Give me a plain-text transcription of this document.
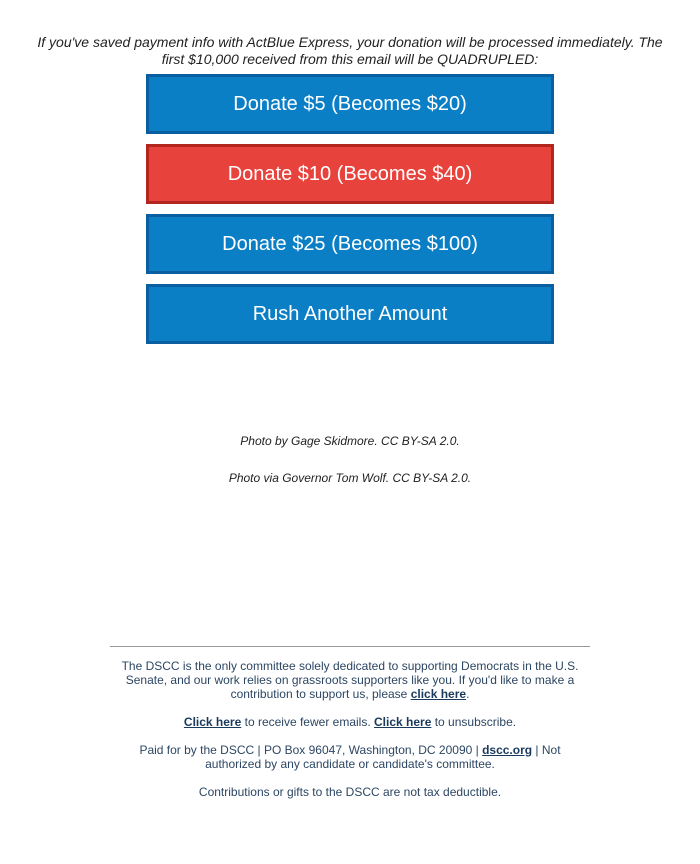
If you've saved payment info with ActBlue Express, your donation will be processed immediately. The first $10,000 received from this email will be QUADRUPLED:
Donate $5 (Becomes $20)
Donate $10 (Becomes $40)
Donate $25 (Becomes $100)
Rush Another Amount
Photo by Gage Skidmore. CC BY-SA 2.0.
Photo via Governor Tom Wolf. CC BY-SA 2.0.

The DSCC is the only committee solely dedicated to supporting Democrats in the U.S. Senate, and our work relies on grassroots supporters like you. If you'd like to make a contribution to support us, please click here.

Click here to receive fewer emails. Click here to unsubscribe.

Paid for by the DSCC | PO Box 96047, Washington, DC 20090 | dscc.org | Not authorized by any candidate or candidate's committee.

Contributions or gifts to the DSCC are not tax deductible.
